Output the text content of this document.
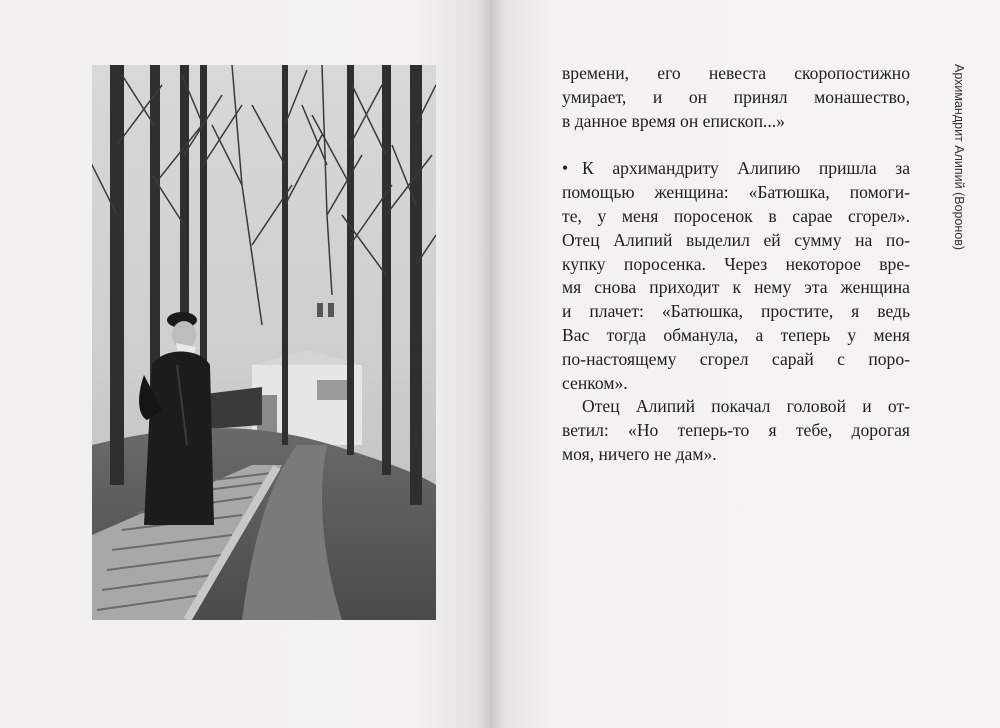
времени, его невеста скоропостижно
умирает, и он принял монашество,
в данное время он епископ...»
• К архимандриту Алипию пришла за
помощью женщина: «Батюшка, помоги-
те, у меня поросенок в сарае сгорел».
Отец Алипий выделил ей сумму на по-
купку поросенка. Через некоторое вре-
мя снова приходит к нему эта женщина
и плачет: «Батюшка, простите, я ведь
Вас тогда обманула, а теперь у меня
по-настоящему сгорел сарай с поро-
сенком».
Отец Алипий покачал головой и от-
ветил: «Но теперь-то я тебе, дорогая
моя, ничего не дам».
Архимандрит Алипий (Воронов)
